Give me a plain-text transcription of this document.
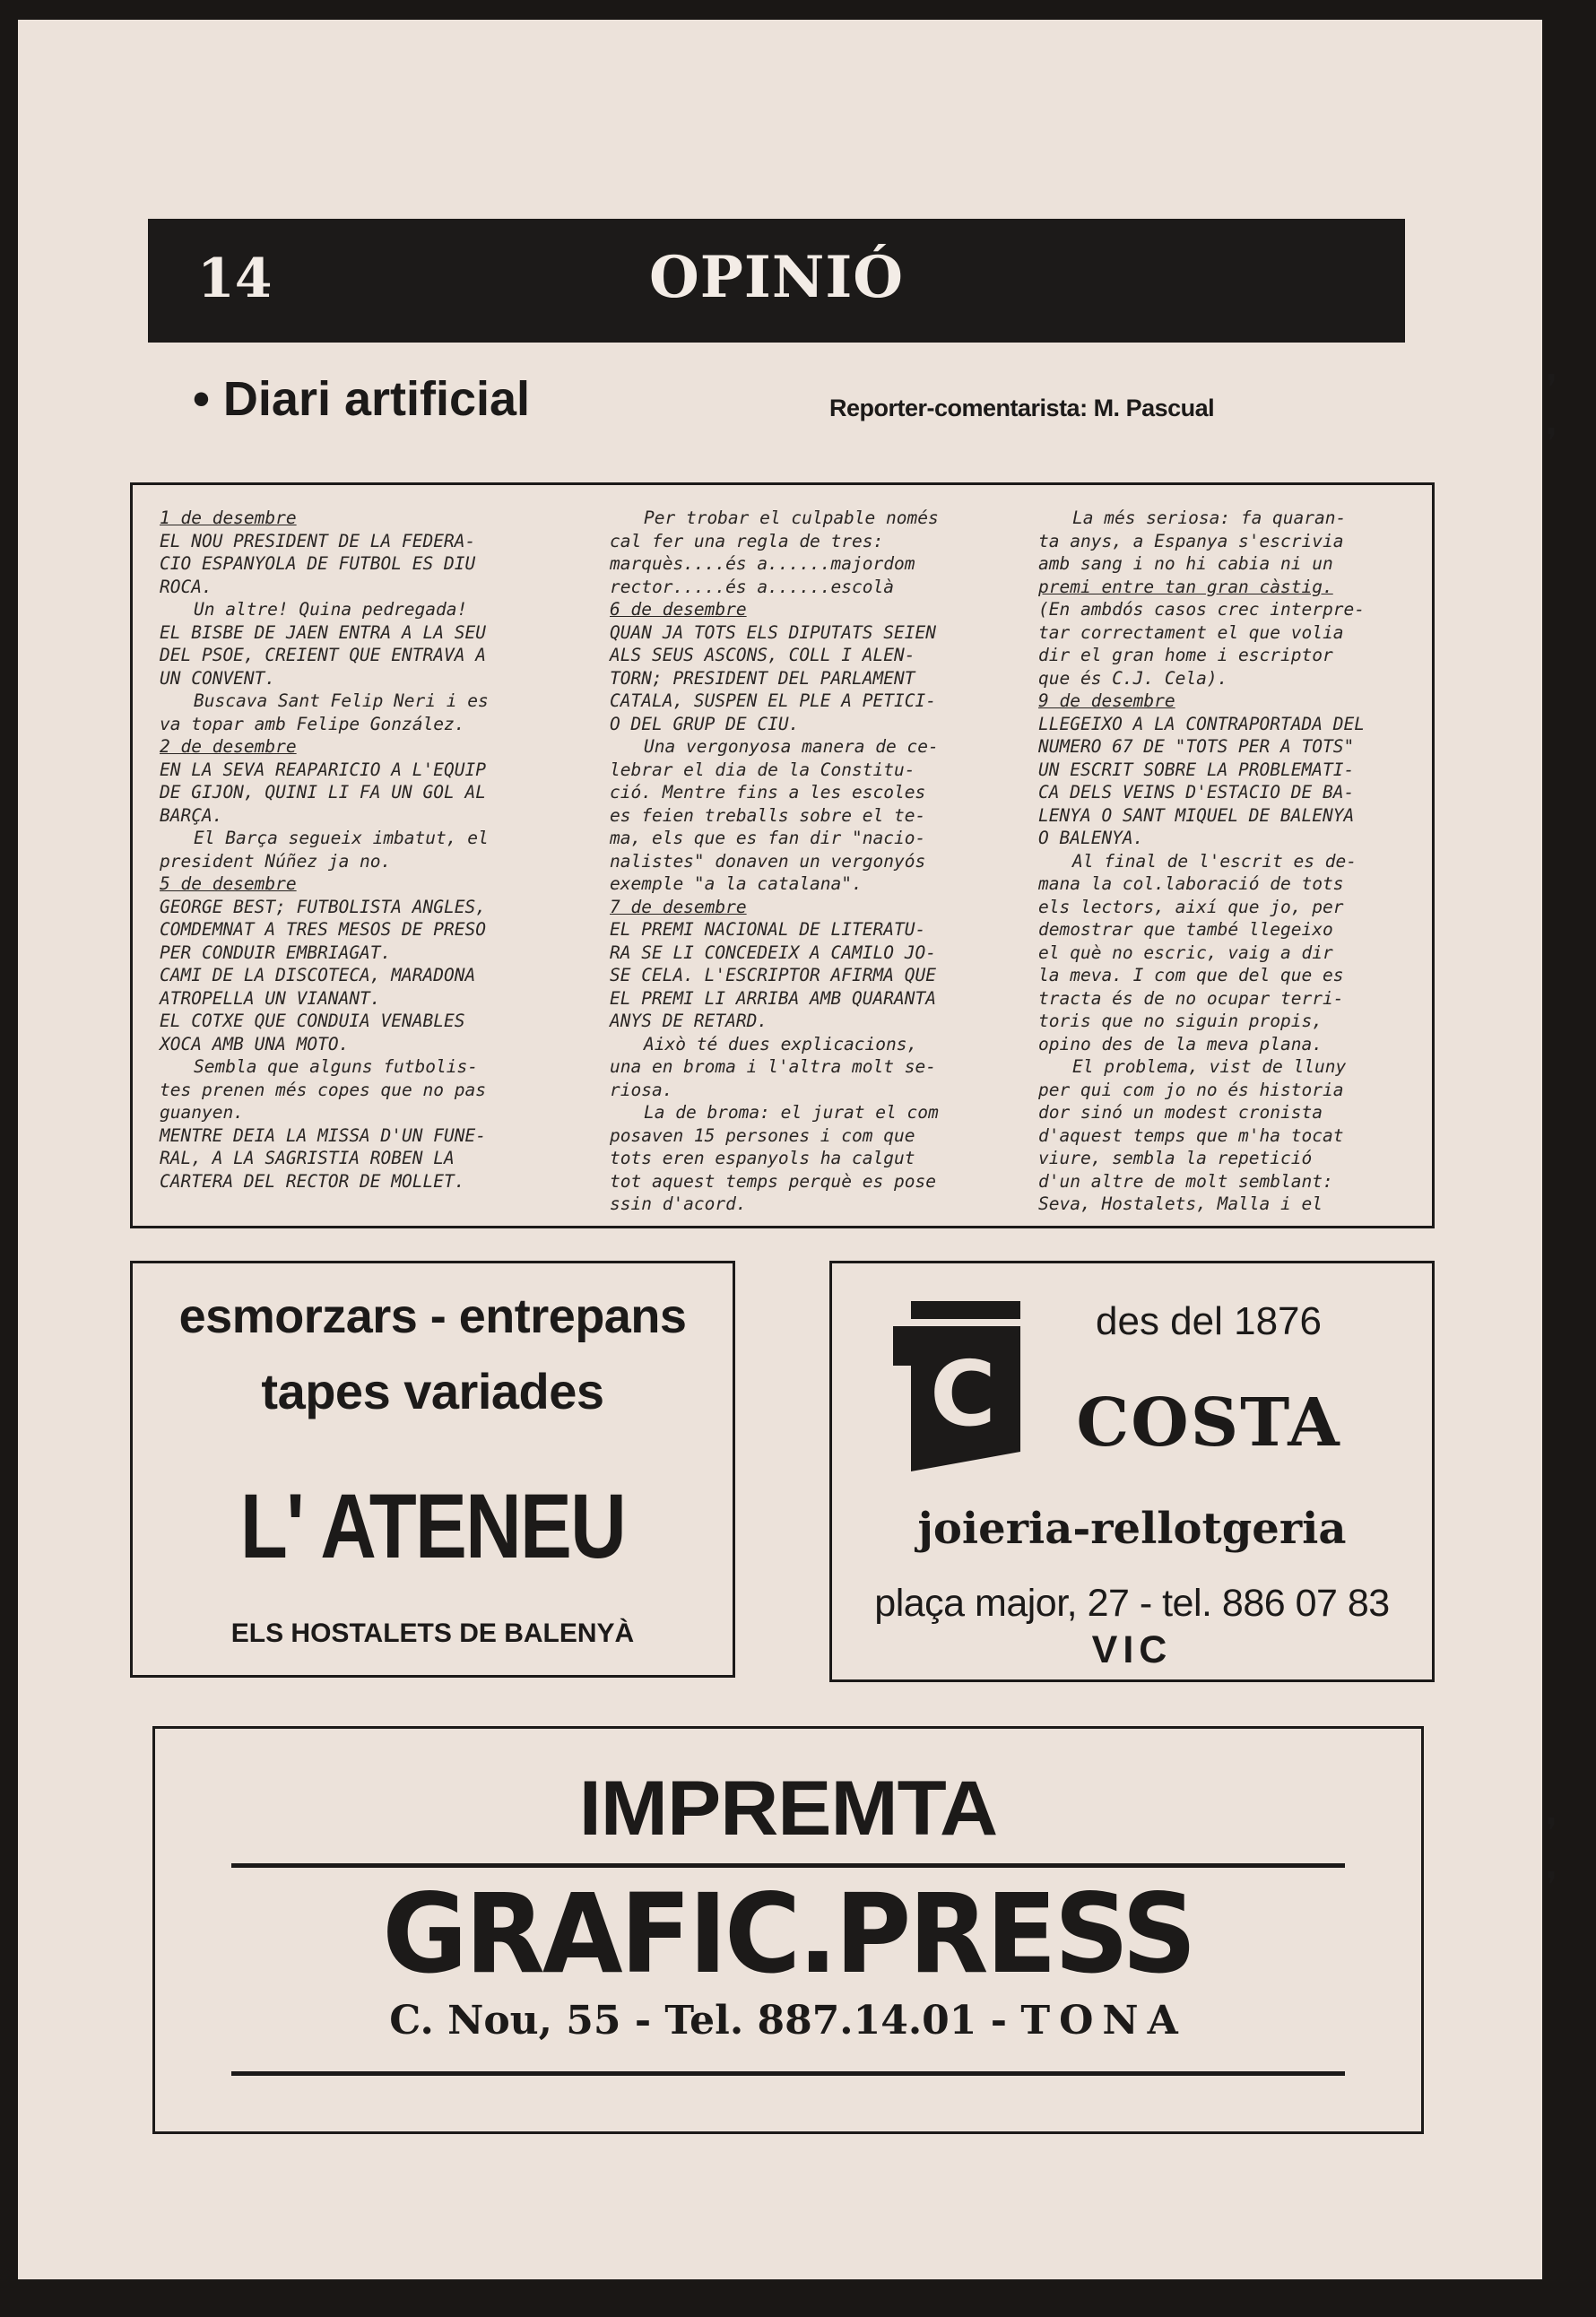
14	OPINIÓ
• Diari artificial	Reporter-comentarista: M. Pascual

1 de desembre

EL NOU PRESIDENT DE LA FEDERA-

CIO ESPANYOLA DE FUTBOL ES DIU

ROCA.

Un altre! Quina pedregada!

EL BISBE DE JAEN ENTRA A LA SEU

DEL PSOE, CREIENT QUE ENTRAVA A

UN CONVENT.

Buscava Sant Felip Neri i es

va topar amb Felipe González.

2 de desembre

EN LA SEVA REAPARICIO A L'EQUIP

DE GIJON, QUINI LI FA UN GOL AL

BARÇA.

El Barça segueix imbatut, el

president Núñez ja no.

5 de desembre

GEORGE BEST; FUTBOLISTA ANGLES,

COMDEMNAT A TRES MESOS DE PRESO

PER CONDUIR EMBRIAGAT.

CAMI DE LA DISCOTECA, MARADONA

ATROPELLA UN VIANANT.

EL COTXE QUE CONDUIA VENABLES

XOCA AMB UNA MOTO.

Sembla que alguns futbolis-

tes prenen més copes que no pas

guanyen.

MENTRE DEIA LA MISSA D'UN FUNE-

RAL, A LA SAGRISTIA ROBEN LA

CARTERA DEL RECTOR DE MOLLET.

Per trobar el culpable només

cal fer una regla de tres:

marquès....és a......majordom

rector.....és a......escolà

6 de desembre

QUAN JA TOTS ELS DIPUTATS SEIEN

ALS SEUS ASCONS, COLL I ALEN-

TORN; PRESIDENT DEL PARLAMENT

CATALA, SUSPEN EL PLE A PETICI-

O DEL GRUP DE CIU.

Una vergonyosa manera de ce-

lebrar el dia de la Constitu-

ció. Mentre fins a les escoles

es feien treballs sobre el te-

ma, els que es fan dir "nacio-

nalistes" donaven un vergonyós

exemple "a la catalana".

7 de desembre

EL PREMI NACIONAL DE LITERATU-

RA SE LI CONCEDEIX A CAMILO JO-

SE CELA. L'ESCRIPTOR AFIRMA QUE

EL PREMI LI ARRIBA AMB QUARANTA

ANYS DE RETARD.

Això té dues explicacions,

una en broma i l'altra molt se-

riosa.

La de broma: el jurat el com

posaven 15 persones i com que

tots eren espanyols ha calgut

tot aquest temps perquè es pose

ssin d'acord.

La més seriosa: fa quaran-

ta anys, a Espanya s'escrivia

amb sang i no hi cabia ni un

premi entre tan gran càstig.

(En ambdós casos crec interpre-

tar correctament el que volia

dir el gran home i escriptor

que és C.J. Cela).

9 de desembre

LLEGEIXO A LA CONTRAPORTADA DEL

NUMERO 67 DE "TOTS PER A TOTS"

UN ESCRIT SOBRE LA PROBLEMATI-

CA DELS VEINS D'ESTACIO DE BA-

LENYA O SANT MIQUEL DE BALENYA

O BALENYA.

Al final de l'escrit es de-

mana la col.laboració de tots

els lectors, així que jo, per

demostrar que també llegeixo

el què no escric, vaig a dir

la meva. I com que del que es

tracta és de no ocupar terri-

toris que no siguin propis,

opino des de la meva plana.

El problema, vist de lluny

per qui com jo no és historia

dor sinó un modest cronista

d'aquest temps que m'ha tocat

viure, sembla la repetició

d'un altre de molt semblant:

Seva, Hostalets, Malla i el

esmorzars - entrepans
tapes variades
L' ATENEU
ELS HOSTALETS DE BALENYÀ
C
des del 1876
COSTA
joieria-rellotgeria
plaça major, 27 - tel. 886 07 83
VIC
IMPREMTA
GRAFIC.PRESS
C. Nou, 55 - Tel. 887.14.01 - TONA
❜
❜
❜
❜
